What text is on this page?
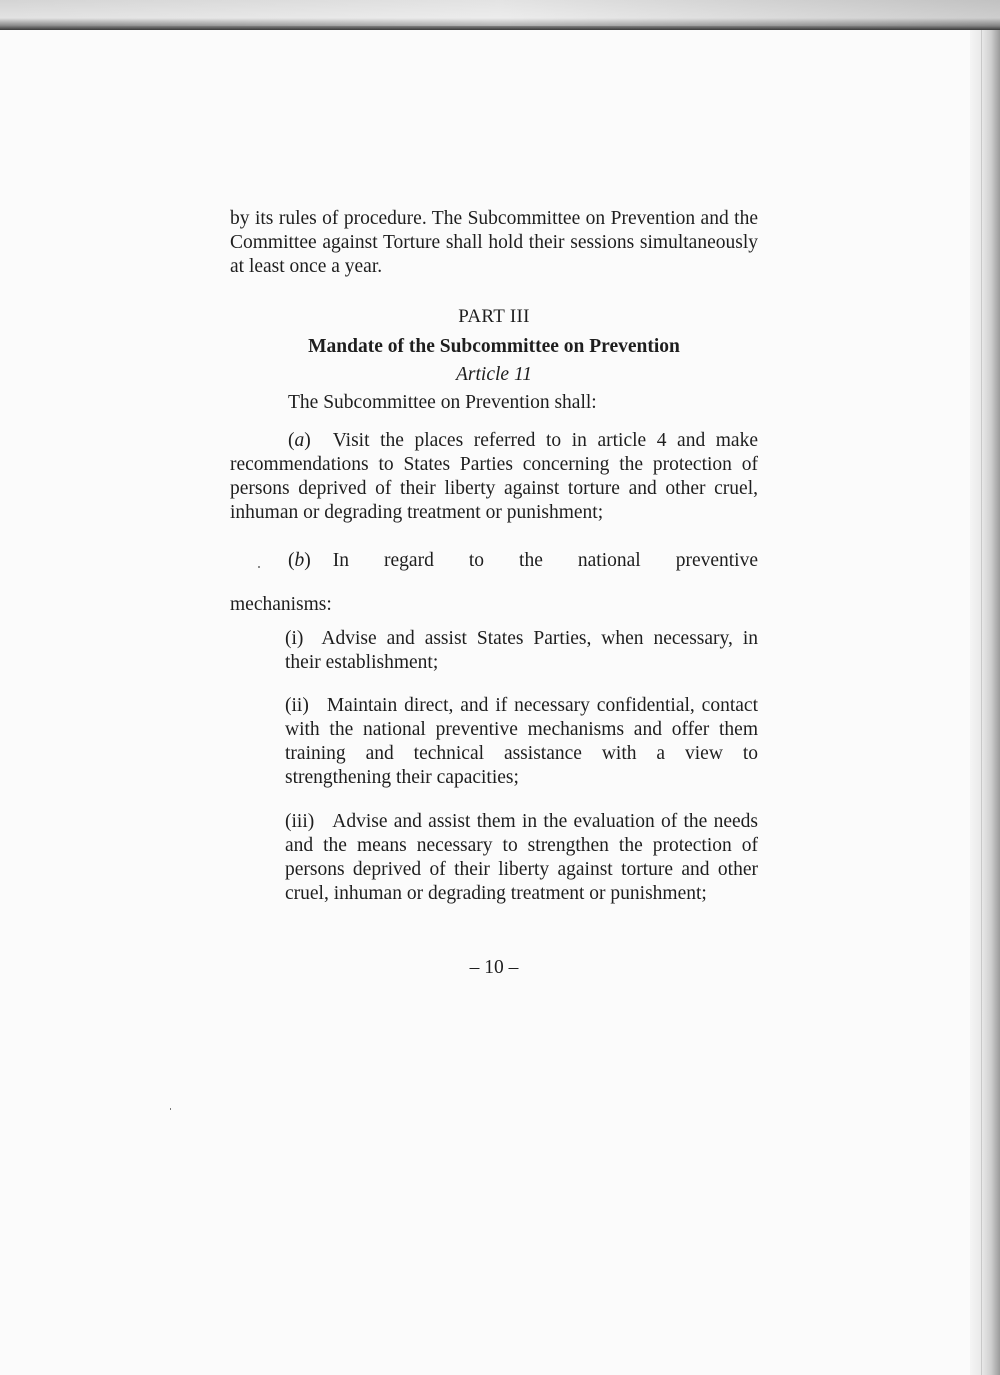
by its rules of procedure. The Subcommittee on Prevention and the Committee against Torture shall hold their sessions simultaneously at least once a year.

PART III
Mandate of the Subcommittee on Prevention
Article 11

The Subcommittee on Prevention shall:

(a) Visit the places referred to in article 4 and make recommendations to States Parties concerning the protection of persons deprived of their liberty against torture and other cruel, inhuman or degrading treatment or punishment;

(b) In regard to the national preventive

mechanisms:

(i) Advise and assist States Parties, when necessary, in their establishment;

(ii) Maintain direct, and if necessary confidential, contact with the national preventive mechanisms and offer them training and technical assistance with a view to strengthening their capacities;

(iii) Advise and assist them in the evaluation of the needs and the means necessary to strengthen the protection of persons deprived of their liberty against torture and other cruel, inhuman or degrading treatment or punishment;

– 10 –
